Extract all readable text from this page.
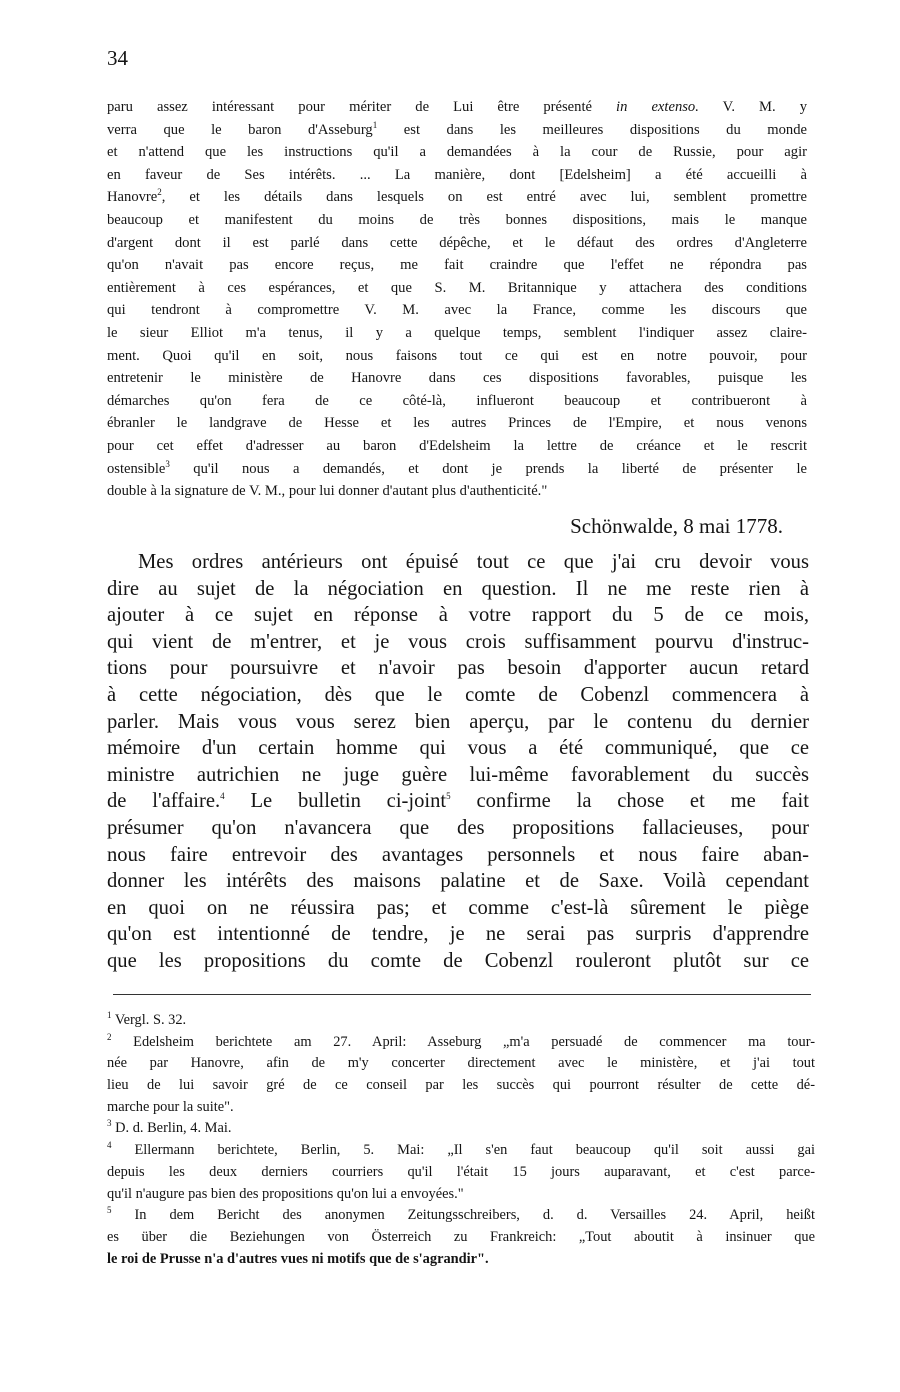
34
paru assez intéressant pour mériter de Lui être présenté in extenso. V. M. y
verra que le baron d'Asseburg$^1$ est dans les meilleures dispositions du monde
et n'attend que les instructions qu'il a demandées à la cour de Russie, pour agir
en faveur de Ses intérêts. ... La manière, dont [Edelsheim] a été accueilli à
Hanovre$^2$, et les détails dans lesquels on est entré avec lui, semblent promettre
beaucoup et manifestent du moins de très bonnes dispositions, mais le manque
d'argent dont il est parlé dans cette dépêche, et le défaut des ordres d'Angleterre
qu'on n'avait pas encore reçus, me fait craindre que l'effet ne répondra pas
entièrement à ces espérances, et que S. M. Britannique y attachera des conditions
qui tendront à compromettre V. M. avec la France, comme les discours que
le sieur Elliot m'a tenus, il y a quelque temps, semblent l'indiquer assez claire-
ment. Quoi qu'il en soit, nous faisons tout ce qui est en notre pouvoir, pour
entretenir le ministère de Hanovre dans ces dispositions favorables, puisque les
démarches qu'on fera de ce côté-là, influeront beaucoup et contribueront à
ébranler le landgrave de Hesse et les autres Princes de l'Empire, et nous venons
pour cet effet d'adresser au baron d'Edelsheim la lettre de créance et le rescrit
ostensible$^3$ qu'il nous a demandés, et dont je prends la liberté de présenter le
double à la signature de V. M., pour lui donner d'autant plus d'authenticité."
Schönwalde, 8 mai 1778.
Mes ordres antérieurs ont épuisé tout ce que j'ai cru devoir vous
dire au sujet de la négociation en question. Il ne me reste rien à
ajouter à ce sujet en réponse à votre rapport du 5 de ce mois,
qui vient de m'entrer, et je vous crois suffisamment pourvu d'instruc-
tions pour poursuivre et n'avoir pas besoin d'apporter aucun retard
à cette négociation, dès que le comte de Cobenzl commencera à
parler. Mais vous vous serez bien aperçu, par le contenu du dernier
mémoire d'un certain homme qui vous a été communiqué, que ce
ministre autrichien ne juge guère lui-même favorablement du succès
de l'affaire.$^4$ Le bulletin ci-joint$^5$ confirme la chose et me fait
présumer qu'on n'avancera que des propositions fallacieuses, pour
nous faire entrevoir des avantages personnels et nous faire aban-
donner les intérêts des maisons palatine et de Saxe. Voilà cependant
en quoi on ne réussira pas; et comme c'est-là sûrement le piège
qu'on est intentionné de tendre, je ne serai pas surpris d'apprendre
que les propositions du comte de Cobenzl rouleront plutôt sur ce
$^1$ Vergl. S. 32.
$^2$ Edelsheim berichtete am 27. April: Asseburg „m'a persuadé de commencer ma tour-
née par Hanovre, afin de m'y concerter directement avec le ministère, et j'ai tout
lieu de lui savoir gré de ce conseil par les succès qui pourront résulter de cette dé-
marche pour la suite".
$^3$ D. d. Berlin, 4. Mai.
$^4$ Ellermann berichtete, Berlin, 5. Mai: „Il s'en faut beaucoup qu'il soit aussi gai
depuis les deux derniers courriers qu'il l'était 15 jours auparavant, et c'est parce-
qu'il n'augure pas bien des propositions qu'on lui a envoyées."
$^5$ In dem Bericht des anonymen Zeitungsschreibers, d. d. Versailles 24. April, heißt
es über die Beziehungen von Österreich zu Frankreich: „Tout aboutit à insinuer que
le roi de Prusse n'a d'autres vues ni motifs que de s'agrandir".
